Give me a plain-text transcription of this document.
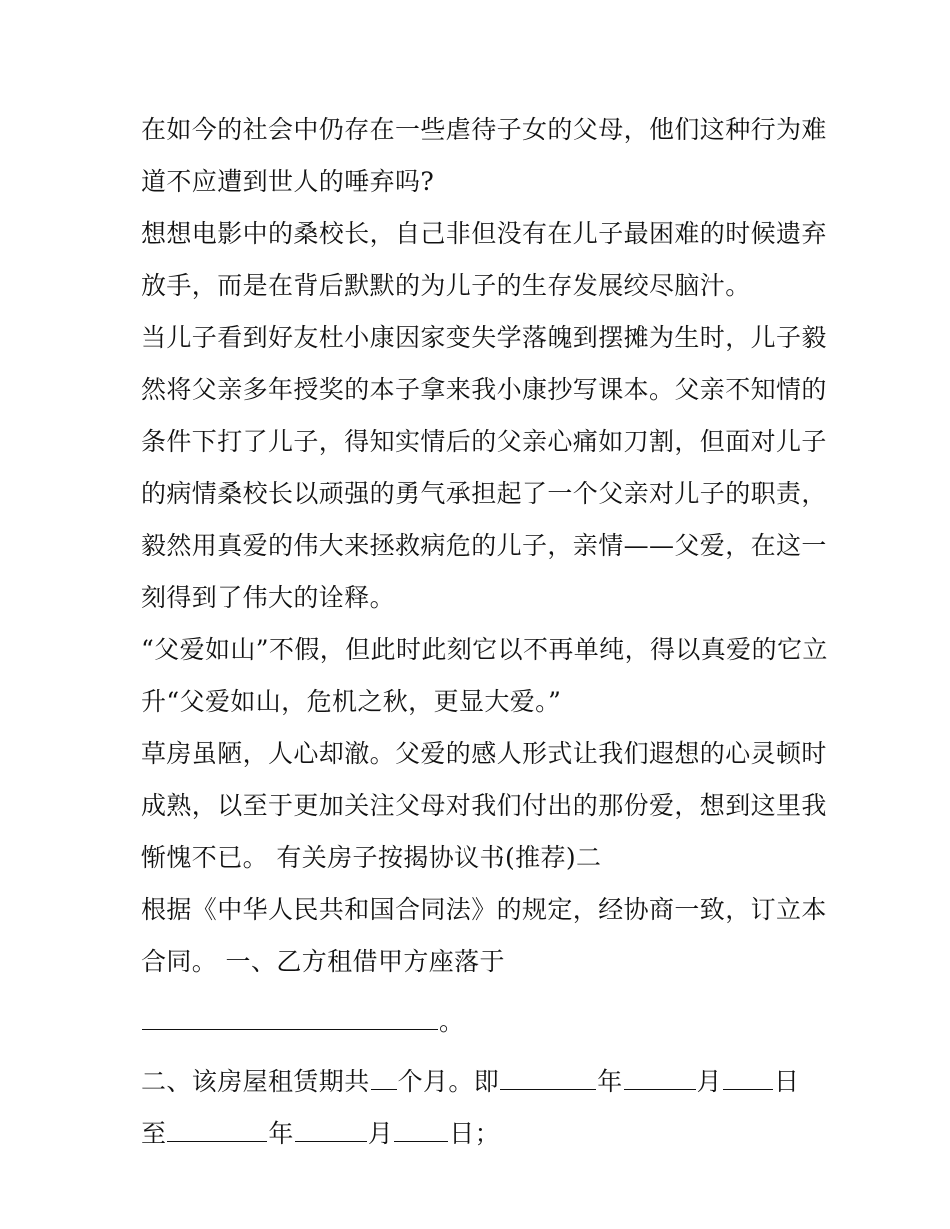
在如今的社会中仍存在一些虐待子女的父母，他们这种行为难
道不应遭到世人的唾弃吗?
想想电影中的桑校长，自己非但没有在儿子最困难的时候遗弃
放手，而是在背后默默的为儿子的生存发展绞尽脑汁。
当儿子看到好友杜小康因家变失学落魄到摆摊为生时，儿子毅
然将父亲多年授奖的本子拿来我小康抄写课本。父亲不知情的
条件下打了儿子，得知实情后的父亲心痛如刀割，但面对儿子
的病情桑校长以顽强的勇气承担起了一个父亲对儿子的职责，
毅然用真爱的伟大来拯救病危的儿子，亲情——父爱，在这一
刻得到了伟大的诠释。
“父爱如山”不假，但此时此刻它以不再单纯，得以真爱的它立
升“父爱如山，危机之秋，更显大爱。”
草房虽陋，人心却澈。父爱的感人形式让我们遐想的心灵顿时
成熟，以至于更加关注父母对我们付出的那份爱，想到这里我
惭愧不已。 有关房子按揭协议书(推荐)二
根据《中华人民共和国合同法》的规定，经协商一致，订立本
合同。 一、乙方租借甲方座落于
。
二、该房屋租赁期共 个月。即	年	月 日
至	年	月 日；
